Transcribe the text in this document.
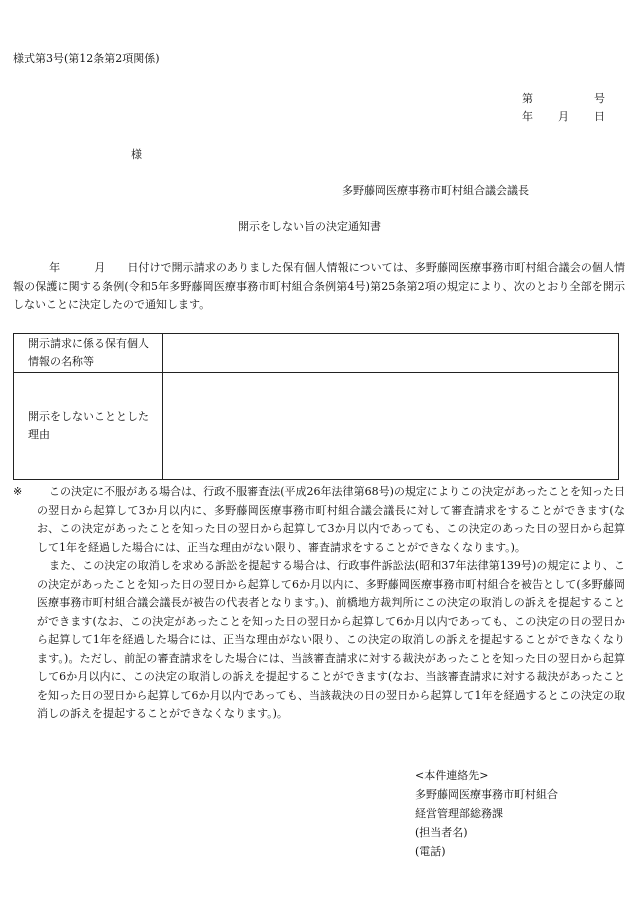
様式第3号(第12条第2項関係)
第	号
年 月 日
様
多野藤岡医療事務市町村組合議会議長
開示をしない旨の決定通知書
年	月 日付けで開示請求のありました保有個人情報については、多野藤岡医療事務市町村組合議会の個人情報の保護に関する条例(令和5年多野藤岡医療事務市町村組合条例第4号)第25条第2項の規定により、次のとおり全部を開示しないことに決定したので通知します。
開示請求に係る保有個人情報の名称等	
開示をしないこととした理由	
※	この決定に不服がある場合は、行政不服審査法(平成26年法律第68号)の規定によりこの決定があったことを知った日の翌日から起算して3か月以内に、多野藤岡医療事務市町村組合議会議長に対して審査請求をすることができます(なお、この決定があったことを知った日の翌日から起算して3か月以内であっても、この決定のあった日の翌日から起算して1年を経過した場合には、正当な理由がない限り、審査請求をすることができなくなります。)。

また、この決定の取消しを求める訴訟を提起する場合は、行政事件訴訟法(昭和37年法律第139号)の規定により、この決定があったことを知った日の翌日から起算して6か月以内に、多野藤岡医療事務市町村組合を被告として(多野藤岡医療事務市町村組合議会議長が被告の代表者となります。)、前橋地方裁判所にこの決定の取消しの訴えを提起することができます(なお、この決定があったことを知った日の翌日から起算して6か月以内であっても、この決定の日の翌日から起算して1年を経過した場合には、正当な理由がない限り、この決定の取消しの訴えを提起することができなくなります。)。ただし、前記の審査請求をした場合には、当該審査請求に対する裁決があったことを知った日の翌日から起算して6か月以内に、この決定の取消しの訴えを提起することができます(なお、当該審査請求に対する裁決があったことを知った日の翌日から起算して6か月以内であっても、当該裁決の日の翌日から起算して1年を経過するとこの決定の取消しの訴えを提起することができなくなります。)。

<本件連絡先>
多野藤岡医療事務市町村組合
経営管理部総務課
(担当者名)
(電話)
